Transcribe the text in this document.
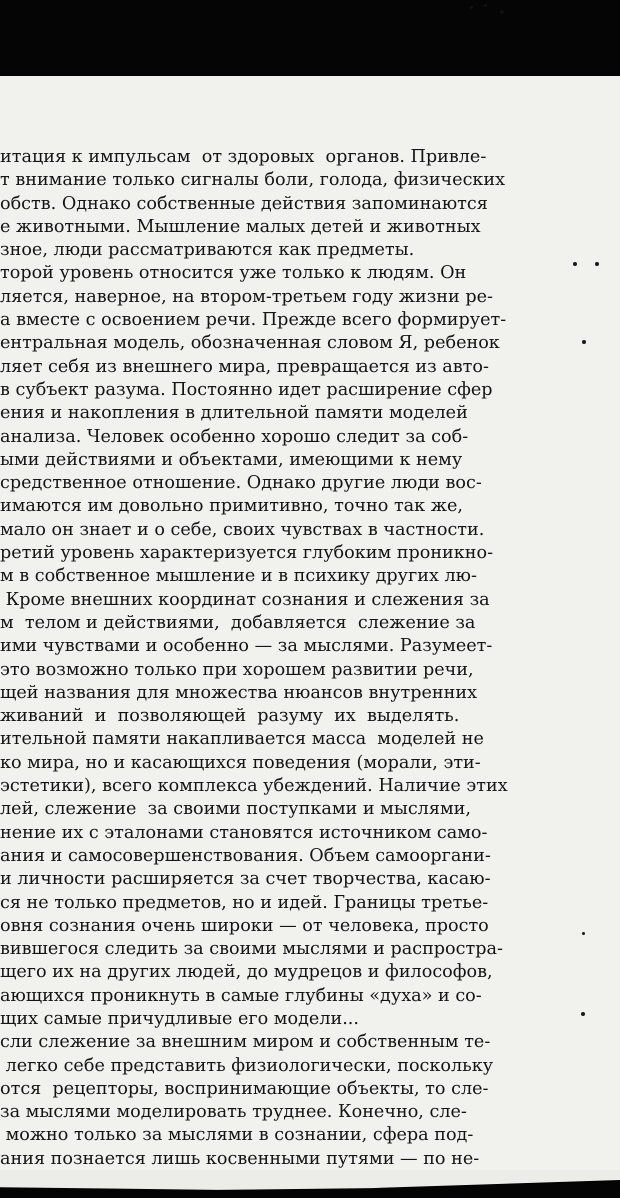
итация к импульсам  от здоровых  органов. Привле-
т внимание только сигналы боли, голода, физических
обств. Однако собственные действия запоминаются
е животными. Мышление малых детей и животных
зное, люди рассматриваются как предметы.
торой уровень относится уже только к людям. Он
ляется, наверное, на втором-третьем году жизни ре-
а вместе с освоением речи. Прежде всего формирует-
ентральная модель, обозначенная словом Я, ребенок
ляет себя из внешнего мира, превращается из авто-
в субъект разума. Постоянно идет расширение сфер
ения и накопления в длительной памяти моделей
анализа. Человек особенно хорошо следит за соб-
ыми действиями и объектами, имеющими к нему
средственное отношение. Однако другие люди вос-
имаются им довольно примитивно, точно так же,
мало он знает и о себе, своих чувствах в частности.
ретий уровень характеризуется глубоким проникно-
м в собственное мышление и в психику других лю-
Кроме внешних координат сознания и слежения за
м  телом и действиями,  добавляется  слежение за
ими чувствами и особенно — за мыслями. Разумеет-
это возможно только при хорошем развитии речи,
щей названия для множества нюансов внутренних
живаний  и  позволяющей  разуму  их  выделять.
ительной памяти накапливается масса  моделей не
ко мира, но и касающихся поведения (морали, эти-
эстетики), всего комплекса убеждений. Наличие этих
лей, слежение  за своими поступками и мыслями,
нение их с эталонами становятся источником само-
ания и самосовершенствования. Объем самооргани-
и личности расширяется за счет творчества, касаю-
ся не только предметов, но и идей. Границы третье-
овня сознания очень широки — от человека, просто
вившегося следить за своими мыслями и распростра-
щего их на других людей, до мудрецов и философов,
ающихся проникнуть в самые глубины «духа» и со-
щих самые причудливые его модели...
сли слежение за внешним миром и собственным те-
легко себе представить физиологически, поскольку
отся  рецепторы, воспринимающие объекты, то сле-
за мыслями моделировать труднее. Конечно, сле-
можно только за мыслями в сознании, сфера под-
ания познается лишь косвенными путями — по не-
